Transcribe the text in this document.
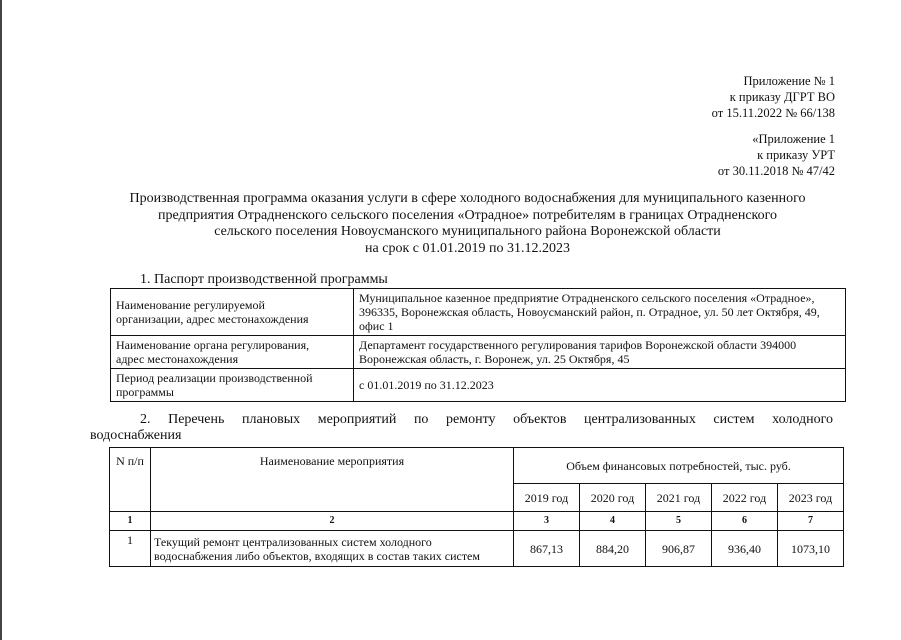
Приложение № 1
к приказу ДГРТ ВО
от 15.11.2022 № 66/138
«Приложение 1
к приказу УРТ
от 30.11.2018 № 47/42
Производственная программа оказания услуги в сфере холодного водоснабжения для муниципального казенного
предприятия Отрадненского сельского поселения «Отрадное» потребителям в границах Отрадненского
сельского поселения Новоусманского муниципального района Воронежской области
на срок с 01.01.2019 по 31.12.2023
1. Паспорт производственной программы
Наименование регулируемой
организации, адрес местонахождения	Муниципальное казенное предприятие Отрадненского сельского поселения «Отрадное», 396335, Воронежская область, Новоусманский район, п. Отрадное, ул. 50 лет Октября, 49, офис 1

Наименование органа регулирования,
адрес местонахождения	Департамент государственного регулирования тарифов Воронежской области 394000 Воронежская область, г. Воронеж, ул. 25 Октября, 45

Период реализации производственной
программы	с 01.01.2019 по 31.12.2023
2. Перечень плановых мероприятий по ремонту объектов централизованных систем холодного
водоснабжения
N п/п	Наименование мероприятия	Объем финансовых потребностей, тыс. руб.				
		2019 год	2020 год	2021 год	2022 год	2023 год
1	2	3	4	5	6	7
1	Текущий ремонт централизованных систем холодного водоснабжения либо объектов, входящих в состав таких систем	867,13	884,20	906,87	936,40	1073,10
